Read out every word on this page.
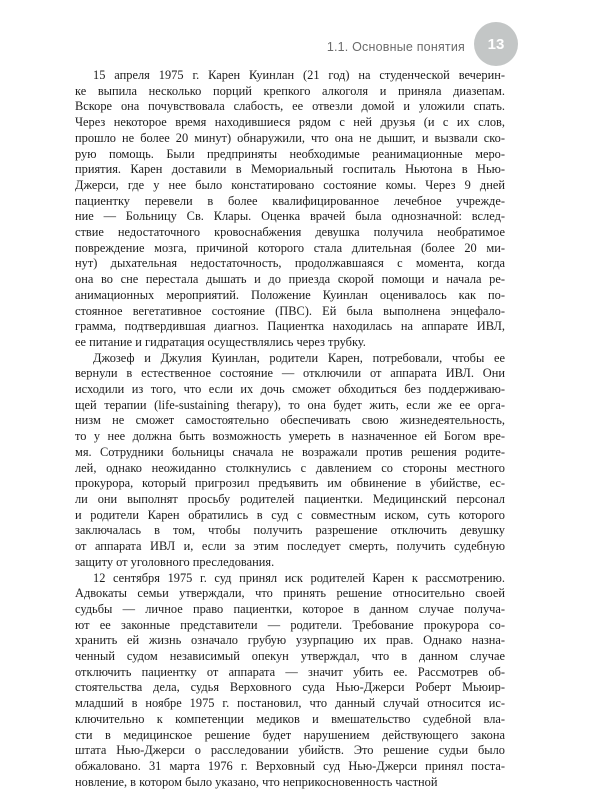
1.1. Основные понятия	13

15 апреля 1975 г. Карен Куинлан (21 год) на студенческой вечерин-
ке выпила несколько порций крепкого алкоголя и приняла диазепам.
Вскоре она почувствовала слабость, ее отвезли домой и уложили спать.
Через некоторое время находившиеся рядом с ней друзья (и с их слов,
прошло не более 20 минут) обнаружили, что она не дышит, и вызвали ско-
рую помощь. Были предприняты необходимые реанимационные меро-
приятия. Карен доставили в Мемориальный госпиталь Ньютона в Нью-
Джерси, где у нее было констатировано состояние комы. Через 9 дней
пациентку перевели в более квалифицированное лечебное учрежде-
ние — Больницу Св. Клары. Оценка врачей была однозначной: вслед-
ствие недостаточного кровоснабжения девушка получила необратимое
повреждение мозга, причиной которого стала длительная (более 20 ми-
нут) дыхательная недостаточность, продолжавшаяся с момента, когда
она во сне перестала дышать и до приезда скорой помощи и начала ре-
анимационных мероприятий. Положение Куинлан оценивалось как по-
стоянное вегетативное состояние (ПВС). Ей была выполнена энцефало-
грамма, подтвердившая диагноз. Пациентка находилась на аппарате ИВЛ,
ее питание и гидратация осуществлялись через трубку.

Джозеф и Джулия Куинлан, родители Карен, потребовали, чтобы ее
вернули в естественное состояние — отключили от аппарата ИВЛ. Они
исходили из того, что если их дочь сможет обходиться без поддерживаю-
щей терапии (life-sustaining therapy), то она будет жить, если же ее орга-
низм не сможет самостоятельно обеспечивать свою жизнедеятельность,
то у нее должна быть возможность умереть в назначенное ей Богом вре-
мя. Сотрудники больницы сначала не возражали против решения родите-
лей, однако неожиданно столкнулись с давлением со стороны местного
прокурора, который пригрозил предъявить им обвинение в убийстве, ес-
ли они выполнят просьбу родителей пациентки. Медицинский персонал
и родители Карен обратились в суд с совместным иском, суть которого
заключалась в том, чтобы получить разрешение отключить девушку
от аппарата ИВЛ и, если за этим последует смерть, получить судебную
защиту от уголовного преследования.

12 сентября 1975 г. суд принял иск родителей Карен к рассмотрению.
Адвокаты семьи утверждали, что принять решение относительно своей
судьбы — личное право пациентки, которое в данном случае получа-
ют ее законные представители — родители. Требование прокурора со-
хранить ей жизнь означало грубую узурпацию их прав. Однако назна-
ченный судом независимый опекун утверждал, что в данном случае
отключить пациентку от аппарата — значит убить ее. Рассмотрев об-
стоятельства дела, судья Верховного суда Нью-Джерси Роберт Мьюир-
младший в ноябре 1975 г. постановил, что данный случай относится ис-
ключительно к компетенции медиков и вмешательство судебной вла-
сти в медицинское решение будет нарушением действующего закона
штата Нью-Джерси о расследовании убийств. Это решение судьи было
обжаловано. 31 марта 1976 г. Верховный суд Нью-Джерси принял поста-
новление, в котором было указано, что неприкосновенность частной
